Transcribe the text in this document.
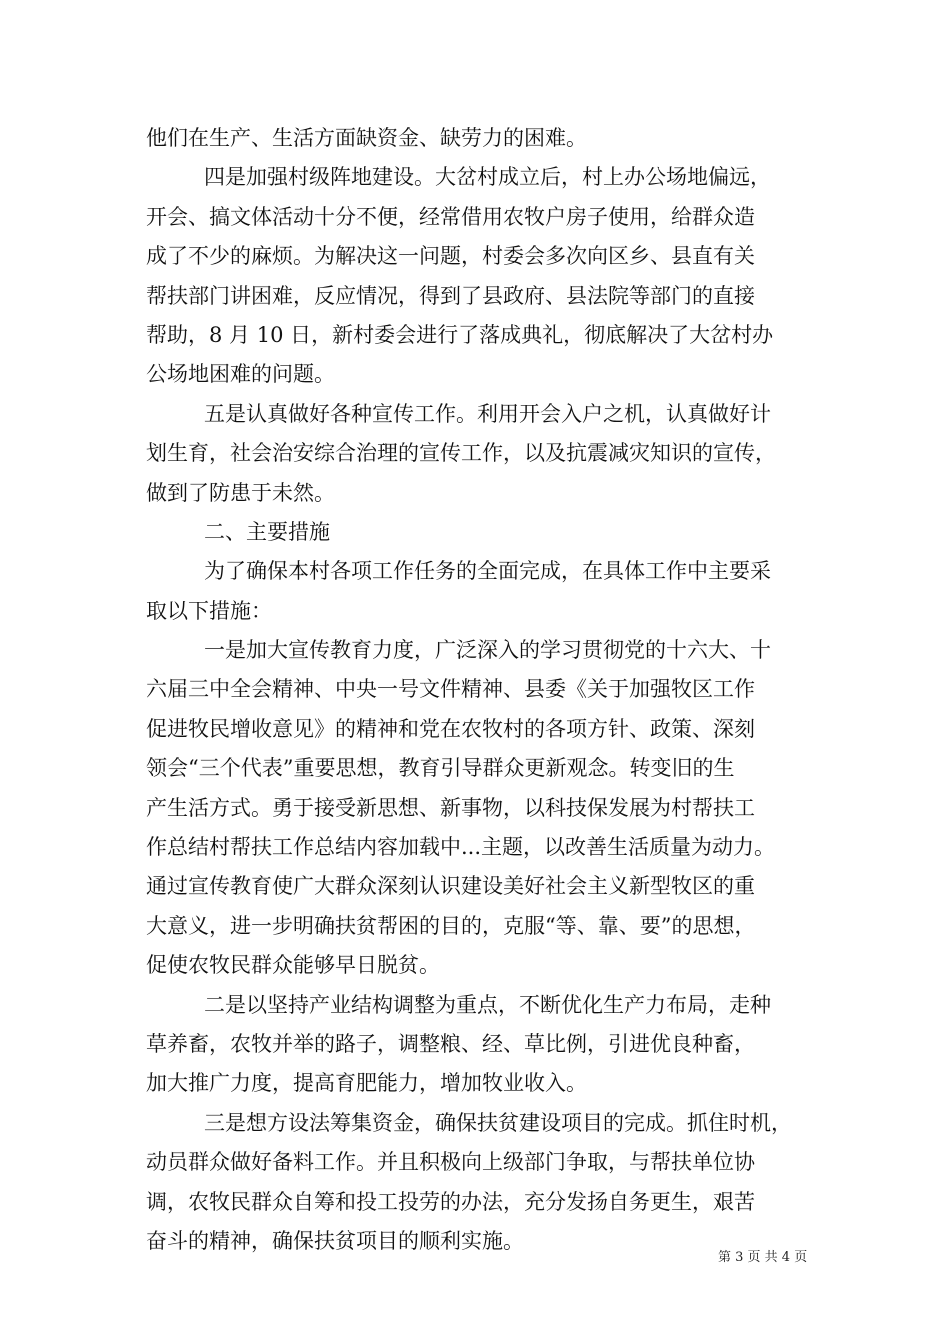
他们在生产、生活方面缺资金、缺劳力的困难。
四是加强村级阵地建设。大岔村成立后，村上办公场地偏远，
开会、搞文体活动十分不便，经常借用农牧户房子使用，给群众造
成了不少的麻烦。为解决这一问题，村委会多次向区乡、县直有关
帮扶部门讲困难，反应情况，得到了县政府、县法院等部门的直接
帮助，8 月 10 日，新村委会进行了落成典礼，彻底解决了大岔村办
公场地困难的问题。
五是认真做好各种宣传工作。利用开会入户之机，认真做好计
划生育，社会治安综合治理的宣传工作，以及抗震减灾知识的宣传，
做到了防患于未然。
二、主要措施
为了确保本村各项工作任务的全面完成，在具体工作中主要采
取以下措施：
一是加大宣传教育力度，广泛深入的学习贯彻党的十六大、十
六届三中全会精神、中央一号文件精神、县委《关于加强牧区工作
促进牧民增收意见》的精神和党在农牧村的各项方针、政策、深刻
领会“三个代表”重要思想，教育引导群众更新观念。转变旧的生
产生活方式。勇于接受新思想、新事物，以科技保发展为村帮扶工
作总结村帮扶工作总结内容加载中...主题，以改善生活质量为动力。
通过宣传教育使广大群众深刻认识建设美好社会主义新型牧区的重
大意义，进一步明确扶贫帮困的目的，克服“等、靠、要”的思想，
促使农牧民群众能够早日脱贫。
二是以坚持产业结构调整为重点，不断优化生产力布局，走种
草养畜，农牧并举的路子，调整粮、经、草比例，引进优良种畜，
加大推广力度，提高育肥能力，增加牧业收入。
三是想方设法筹集资金，确保扶贫建设项目的完成。抓住时机，
动员群众做好备料工作。并且积极向上级部门争取，与帮扶单位协
调，农牧民群众自筹和投工投劳的办法，充分发扬自务更生，艰苦
奋斗的精神，确保扶贫项目的顺利实施。
第 3 页 共 4 页
